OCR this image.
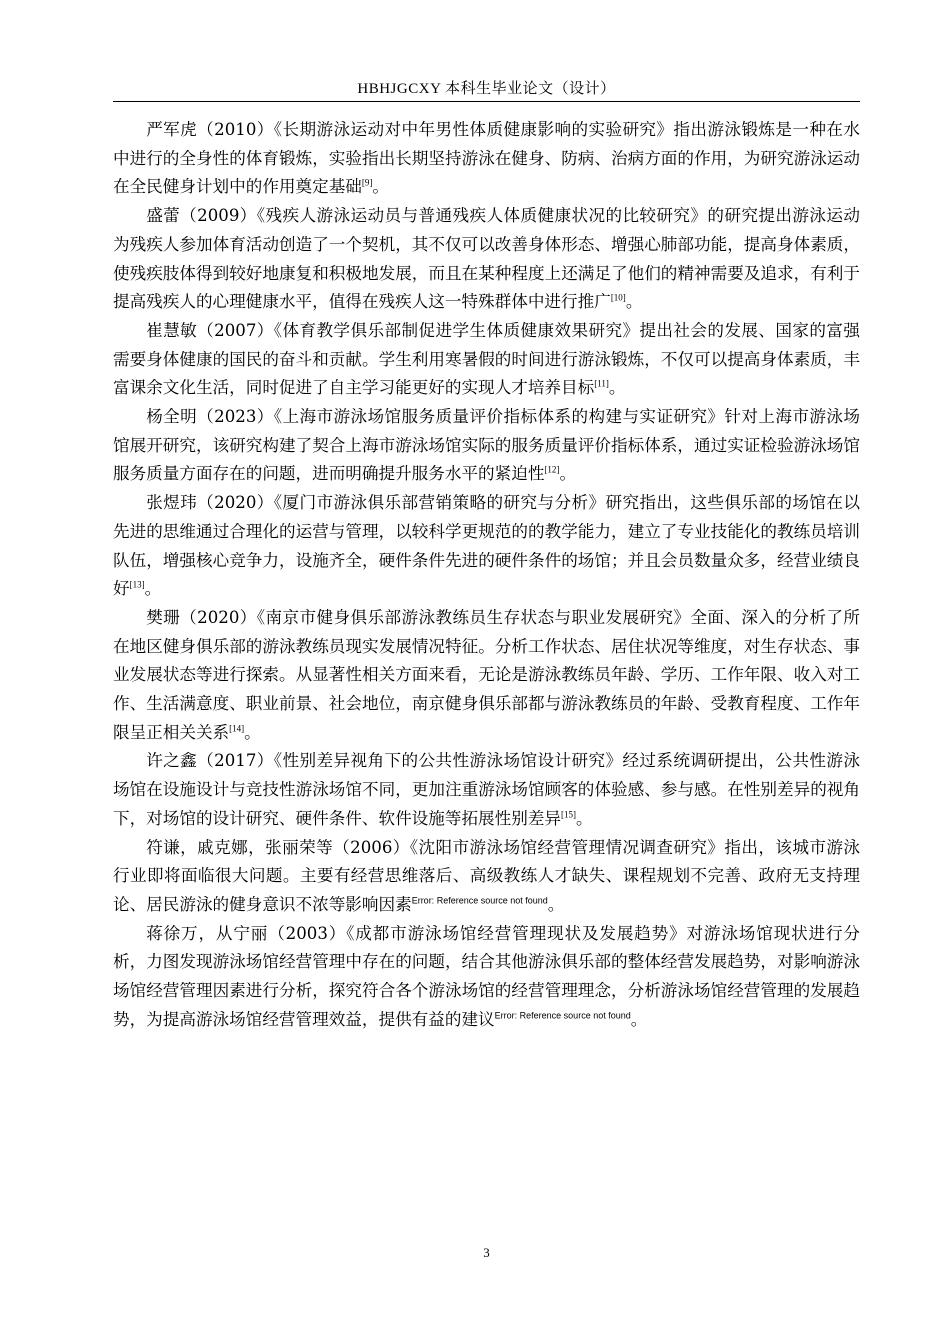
HBHJGCXY 本科生毕业论文（设计）

严军虎（2010）《长期游泳运动对中年男性体质健康影响的实验研究》指出游泳锻炼是一种在水中进行的全身性的体育锻炼，实验指出长期坚持游泳在健身、防病、治病方面的作用，为研究游泳运动在全民健身计划中的作用奠定基础[9]。

盛蕾（2009）《残疾人游泳运动员与普通残疾人体质健康状况的比较研究》的研究提出游泳运动为残疾人参加体育活动创造了一个契机，其不仅可以改善身体形态、增强心肺部功能，提高身体素质，使残疾肢体得到较好地康复和积极地发展，而且在某种程度上还满足了他们的精神需要及追求，有利于提高残疾人的心理健康水平，值得在残疾人这一特殊群体中进行推广[10]。

崔慧敏（2007）《体育教学俱乐部制促进学生体质健康效果研究》提出社会的发展、国家的富强需要身体健康的国民的奋斗和贡献。学生利用寒暑假的时间进行游泳锻炼，不仅可以提高身体素质，丰富课余文化生活，同时促进了自主学习能更好的实现人才培养目标[11]。

杨全明（2023）《上海市游泳场馆服务质量评价指标体系的构建与实证研究》针对上海市游泳场馆展开研究，该研究构建了契合上海市游泳场馆实际的服务质量评价指标体系，通过实证检验游泳场馆服务质量方面存在的问题，进而明确提升服务水平的紧迫性[12]。

张煜玮（2020）《厦门市游泳俱乐部营销策略的研究与分析》研究指出，这些俱乐部的场馆在以先进的思维通过合理化的运营与管理，以较科学更规范的的教学能力，建立了专业技能化的教练员培训队伍，增强核心竞争力，设施齐全，硬件条件先进的硬件条件的场馆；并且会员数量众多，经营业绩良好[13]。

樊珊（2020）《南京市健身俱乐部游泳教练员生存状态与职业发展研究》全面、深入的分析了所在地区健身俱乐部的游泳教练员现实发展情况特征。分析工作状态、居住状况等维度，对生存状态、事业发展状态等进行探索。从显著性相关方面来看，无论是游泳教练员年龄、学历、工作年限、收入对工作、生活满意度、职业前景、社会地位，南京健身俱乐部都与游泳教练员的年龄、受教育程度、工作年限呈正相关关系[14]。

许之鑫（2017）《性别差异视角下的公共性游泳场馆设计研究》经过系统调研提出，公共性游泳场馆在设施设计与竞技性游泳场馆不同，更加注重游泳场馆顾客的体验感、参与感。在性别差异的视角下，对场馆的设计研究、硬件条件、软件设施等拓展性别差异[15]。

符谦，戚克娜，张丽荣等（2006）《沈阳市游泳场馆经营管理情况调查研究》指出，该城市游泳行业即将面临很大问题。主要有经营思维落后、高级教练人才缺失、课程规划不完善、政府无支持理论、居民游泳的健身意识不浓等影响因素$^{Error: Reference source not found}$。

蒋徐万，从宁丽（2003）《成都市游泳场馆经营管理现状及发展趋势》对游泳场馆现状进行分析，力图发现游泳场馆经营管理中存在的问题，结合其他游泳俱乐部的整体经营发展趋势，对影响游泳场馆经营管理因素进行分析，探究符合各个游泳场馆的经营管理理念，分析游泳场馆经营管理的发展趋势，为提高游泳场馆经营管理效益，提供有益的建议$^{Error: Reference source not found}$。

3
